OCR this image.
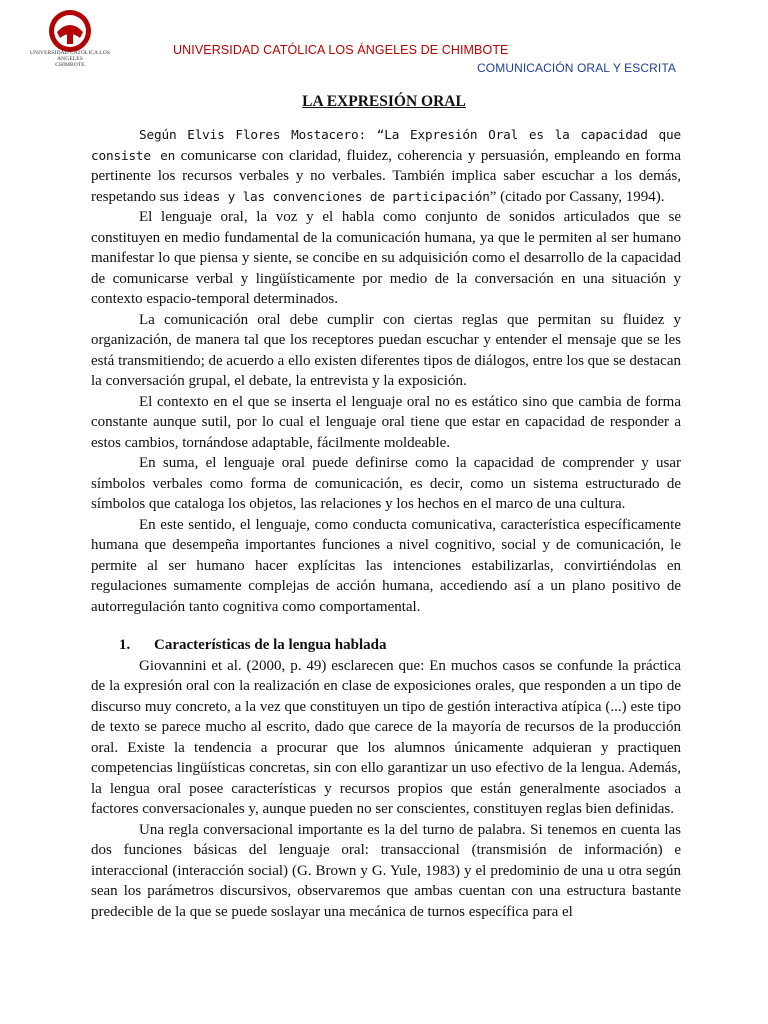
UNIVERSIDAD CATÓLICA LOS ÁNGELES
CHIMBOTE
UNIVERSIDAD CATÓLICA LOS ÁNGELES DE CHIMBOTE
COMUNICACIÓN ORAL Y ESCRITA
LA EXPRESIÓN ORAL

Según Elvis Flores Mostacero: “La Expresión Oral es la capacidad que consiste en comunicarse con claridad, fluidez, coherencia y persuasión, empleando en forma pertinente los recursos verbales y no verbales. También implica saber escuchar a los demás, respetando sus ideas y las convenciones de participación” (citado por Cassany, 1994).

El lenguaje oral, la voz y el habla como conjunto de sonidos articulados que se constituyen en medio fundamental de la comunicación humana, ya que le permiten al ser humano manifestar lo que piensa y siente, se concibe en su adquisición como el desarrollo de la capacidad de comunicarse verbal y lingüísticamente por medio de la conversación en una situación y contexto espacio-temporal determinados.

La comunicación oral debe cumplir con ciertas reglas que permitan su fluidez y organización, de manera tal que los receptores puedan escuchar y entender el mensaje que se les está transmitiendo; de acuerdo a ello existen diferentes tipos de diálogos, entre los que se destacan la conversación grupal, el debate, la entrevista y la exposición.

El contexto en el que se inserta el lenguaje oral no es estático sino que cambia de forma constante aunque sutil, por lo cual el lenguaje oral tiene que estar en capacidad de responder a estos cambios, tornándose adaptable, fácilmente moldeable.

En suma, el lenguaje oral puede definirse como la capacidad de comprender y usar símbolos verbales como forma de comunicación, es decir, como un sistema estructurado de símbolos que cataloga los objetos, las relaciones y los hechos en el marco de una cultura.

En este sentido, el lenguaje, como conducta comunicativa, característica específicamente humana que desempeña importantes funciones a nivel cognitivo, social y de comunicación, le permite al ser humano hacer explícitas las intenciones estabilizarlas, convirtiéndolas en regulaciones sumamente complejas de acción humana, accediendo así a un plano positivo de autorregulación tanto cognitiva como comportamental.

1.	Características de la lengua hablada

Giovannini et al. (2000, p. 49) esclarecen que: En muchos casos se confunde la práctica de la expresión oral con la realización en clase de exposiciones orales, que responden a un tipo de discurso muy concreto, a la vez que constituyen un tipo de gestión interactiva atípica (...) este tipo de texto se parece mucho al escrito, dado que carece de la mayoría de recursos de la producción oral. Existe la tendencia a procurar que los alumnos únicamente adquieran y practiquen competencias lingüísticas concretas, sin con ello garantizar un uso efectivo de la lengua. Además, la lengua oral posee características y recursos propios que están generalmente asociados a factores conversacionales y, aunque pueden no ser conscientes, constituyen reglas bien definidas.

Una regla conversacional importante es la del turno de palabra. Si tenemos en cuenta las dos funciones básicas del lenguaje oral: transaccional (transmisión de información) e interaccional (interacción social) (G. Brown y G. Yule, 1983) y el predominio de una u otra según sean los parámetros discursivos, observaremos que ambas cuentan con una estructura bastante predecible de la que se puede soslayar una mecánica de turnos específica para el
